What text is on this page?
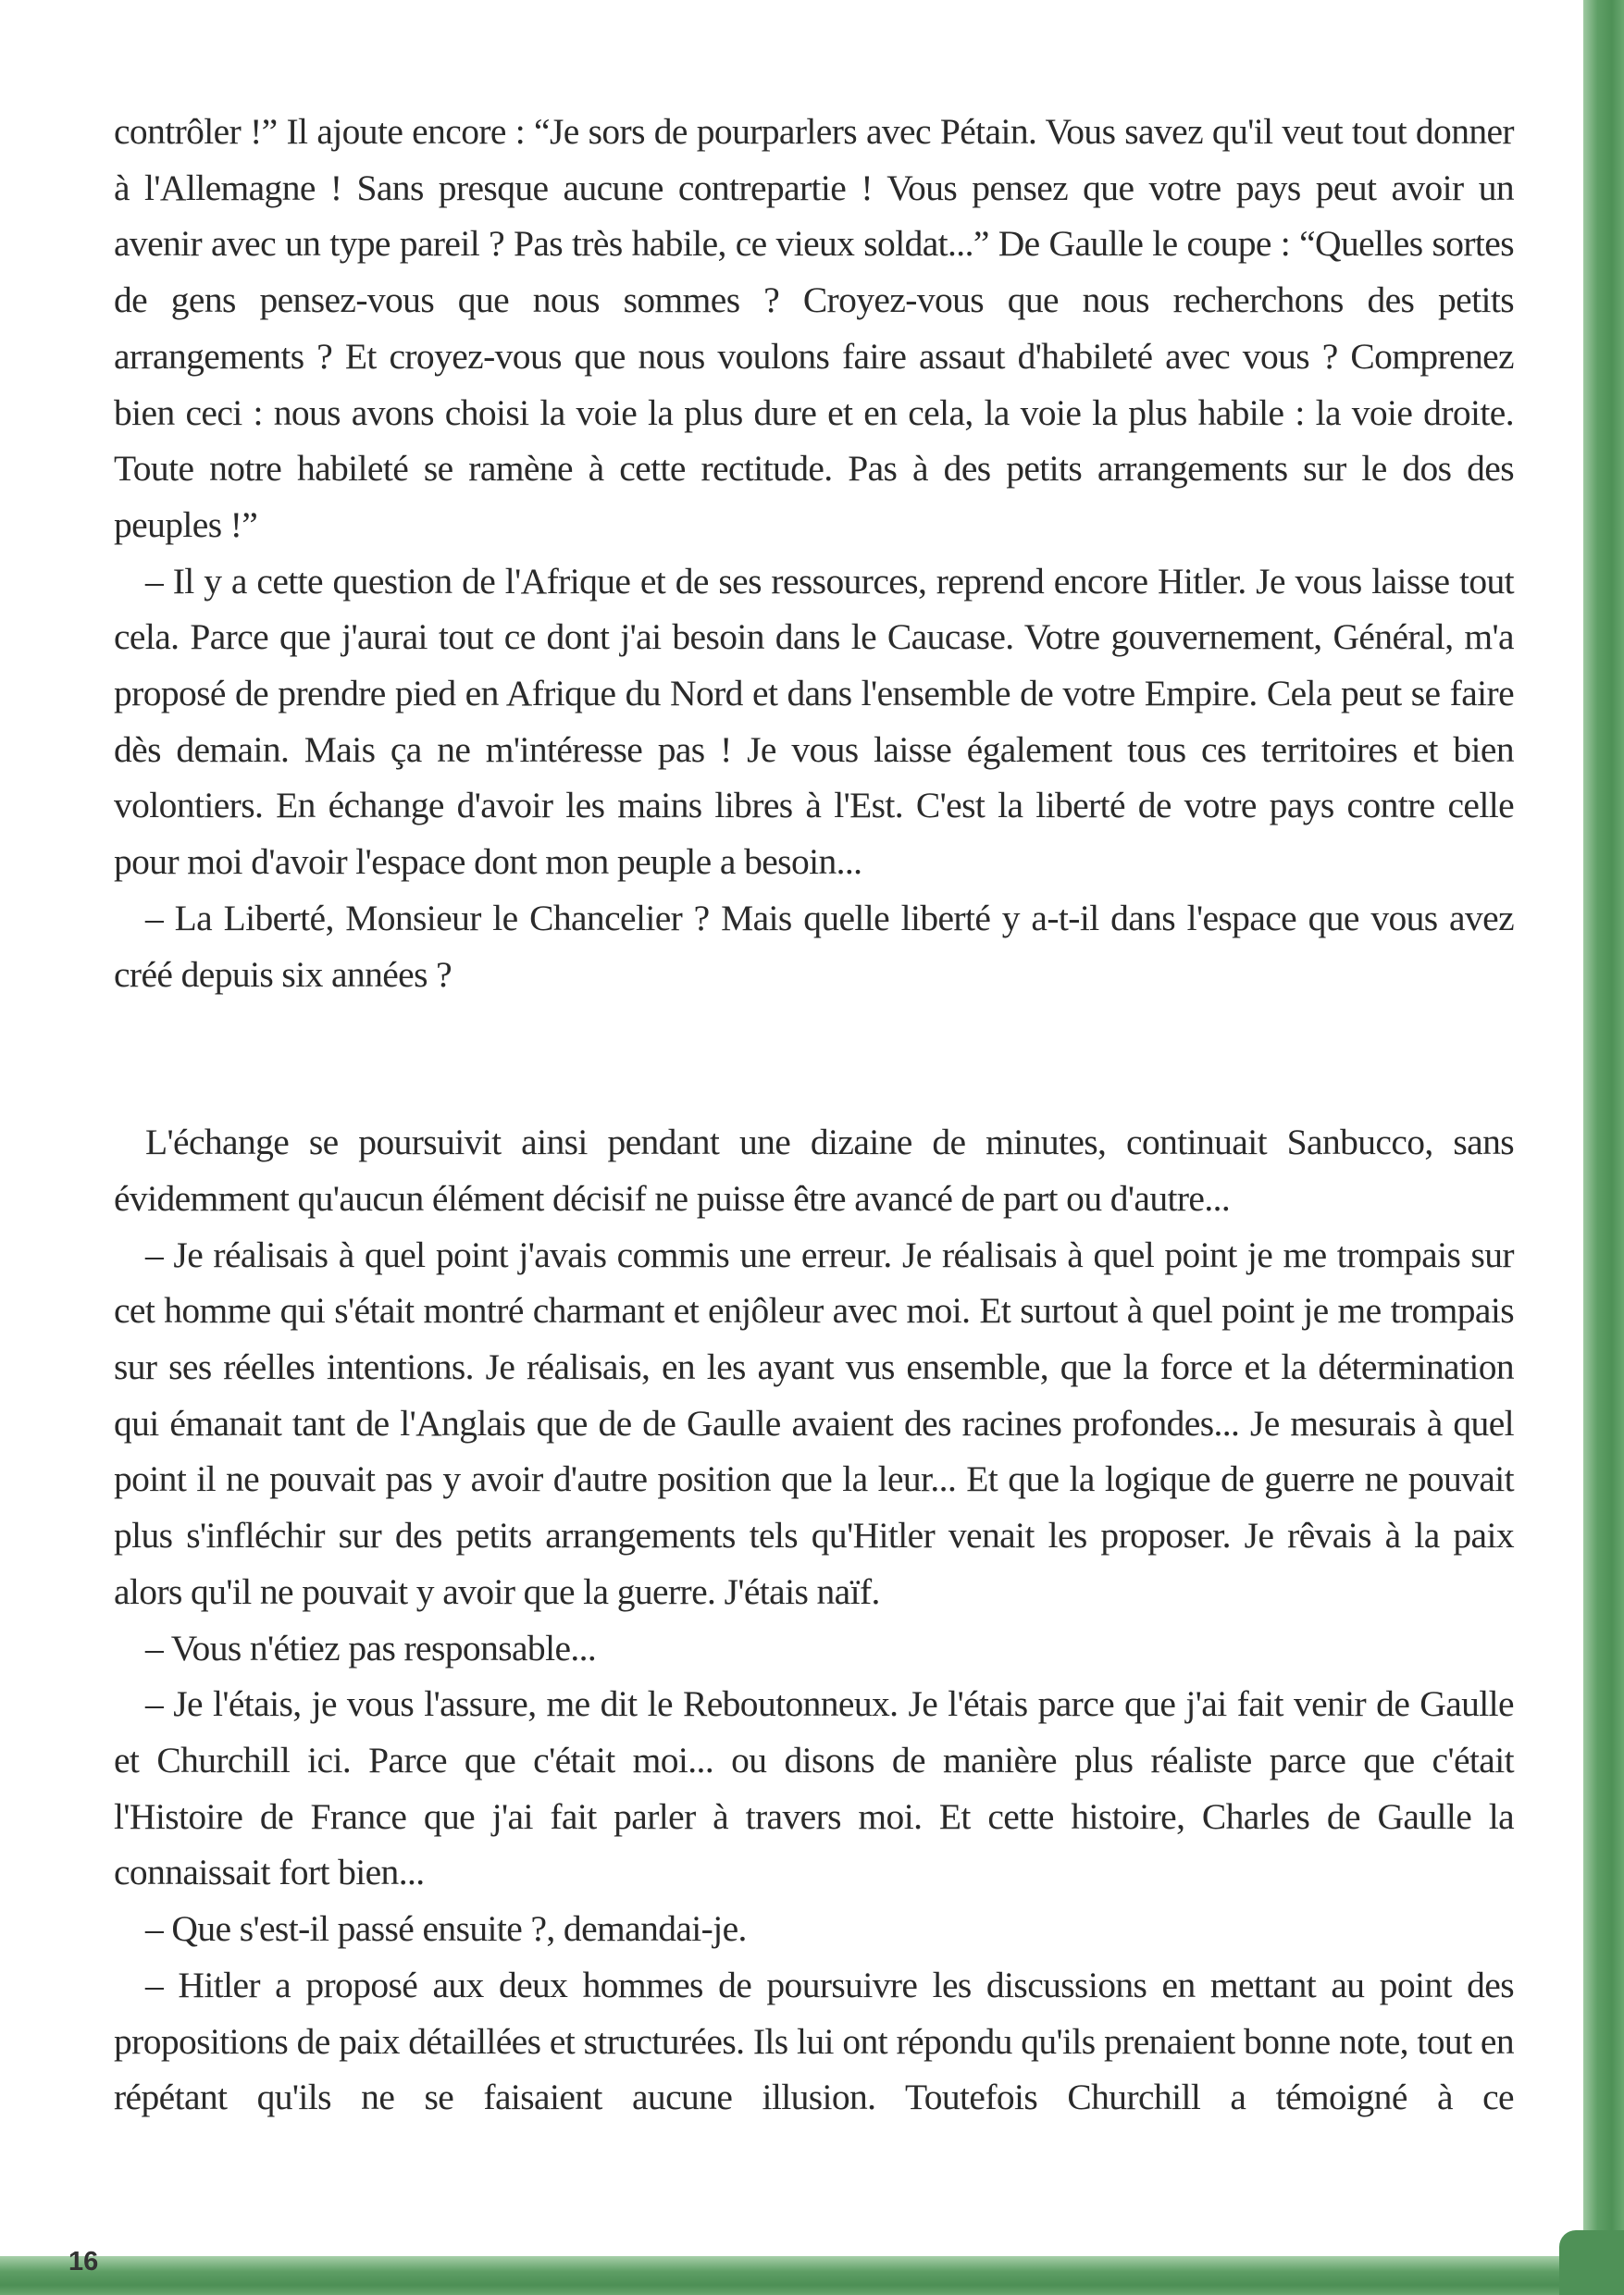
contrôler !” Il ajoute encore : “Je sors de pourparlers avec Pétain. Vous savez qu'il veut tout donner à l'Allemagne ! Sans presque aucune contrepartie ! Vous pensez que votre pays peut avoir un avenir avec un type pareil ? Pas très habile, ce vieux soldat...” De Gaulle le coupe : “Quelles sortes de gens pensez-vous que nous sommes ? Croyez-vous que nous recherchons des petits arrangements ? Et croyez-vous que nous voulons faire assaut d'habileté avec vous ? Comprenez bien ceci : nous avons choisi la voie la plus dure et en cela, la voie la plus habile : la voie droite. Toute notre habileté se ramène à cette rectitude. Pas à des petits arrangements sur le dos des peuples !”

– Il y a cette question de l'Afrique et de ses ressources, reprend encore Hitler. Je vous laisse tout cela. Parce que j'aurai tout ce dont j'ai besoin dans le Caucase. Votre gouvernement, Général, m'a proposé de prendre pied en Afrique du Nord et dans l'ensemble de votre Empire. Cela peut se faire dès demain. Mais ça ne m'intéresse pas ! Je vous laisse également tous ces territoires et bien volontiers. En échange d'avoir les mains libres à l'Est. C'est la liberté de votre pays contre celle pour moi d'avoir l'espace dont mon peuple a besoin...

– La Liberté, Monsieur le Chancelier ? Mais quelle liberté y a-t-il dans l'espace que vous avez créé depuis six années ?

L'échange se poursuivit ainsi pendant une dizaine de minutes, continuait Sanbucco, sans évidemment qu'aucun élément décisif ne puisse être avancé de part ou d'autre...

– Je réalisais à quel point j'avais commis une erreur. Je réalisais à quel point je me trompais sur cet homme qui s'était montré charmant et enjôleur avec moi. Et surtout à quel point je me trompais sur ses réelles intentions. Je réalisais, en les ayant vus ensemble, que la force et la détermination qui émanait tant de l'Anglais que de de Gaulle avaient des racines profondes... Je mesurais à quel point il ne pouvait pas y avoir d'autre position que la leur... Et que la logique de guerre ne pouvait plus s'infléchir sur des petits arrangements tels qu'Hitler venait les proposer. Je rêvais à la paix alors qu'il ne pouvait y avoir que la guerre. J'étais naïf.

– Vous n'étiez pas responsable...

– Je l'étais, je vous l'assure, me dit le Reboutonneux. Je l'étais parce que j'ai fait venir de Gaulle et Churchill ici. Parce que c'était moi... ou disons de manière plus réaliste parce que c'était l'Histoire de France que j'ai fait parler à travers moi. Et cette histoire, Charles de Gaulle la connaissait fort bien...

– Que s'est-il passé ensuite ?, demandai-je.

– Hitler a proposé aux deux hommes de poursuivre les discussions en mettant au point des propositions de paix détaillées et structurées. Ils lui ont répondu qu'ils prenaient bonne note, tout en répétant qu'ils ne se faisaient aucune illusion. Toutefois Churchill a témoigné à ce

16
